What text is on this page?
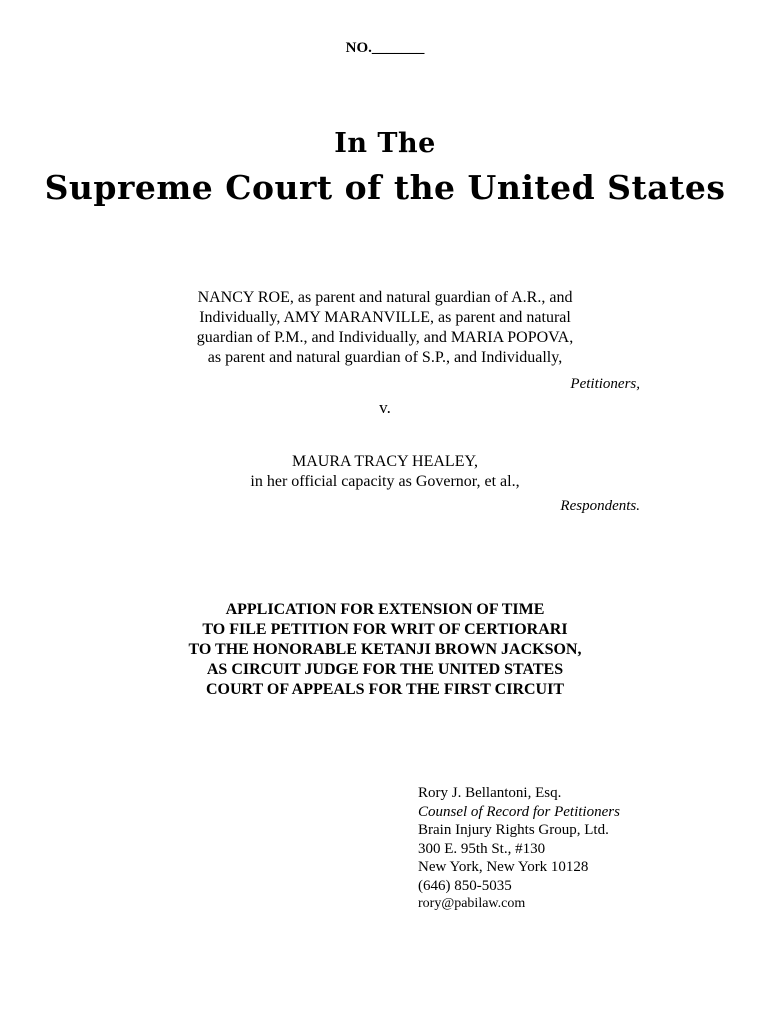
NO._______
In The
Supreme Court of the United States
NANCY ROE, as parent and natural guardian of A.R., and
Individually, AMY MARANVILLE, as parent and natural
guardian of P.M., and Individually, and MARIA POPOVA,
as parent and natural guardian of S.P., and Individually,
Petitioners,
v.
MAURA TRACY HEALEY,
in her official capacity as Governor, et al.,
Respondents.
APPLICATION FOR EXTENSION OF TIME
TO FILE PETITION FOR WRIT OF CERTIORARI
TO THE HONORABLE KETANJI BROWN JACKSON,
AS CIRCUIT JUDGE FOR THE UNITED STATES
COURT OF APPEALS FOR THE FIRST CIRCUIT
Rory J. Bellantoni, Esq.
Counsel of Record for Petitioners
Brain Injury Rights Group, Ltd.
300 E. 95th St., #130
New York, New York 10128
(646) 850-5035
rory@pabilaw.com
